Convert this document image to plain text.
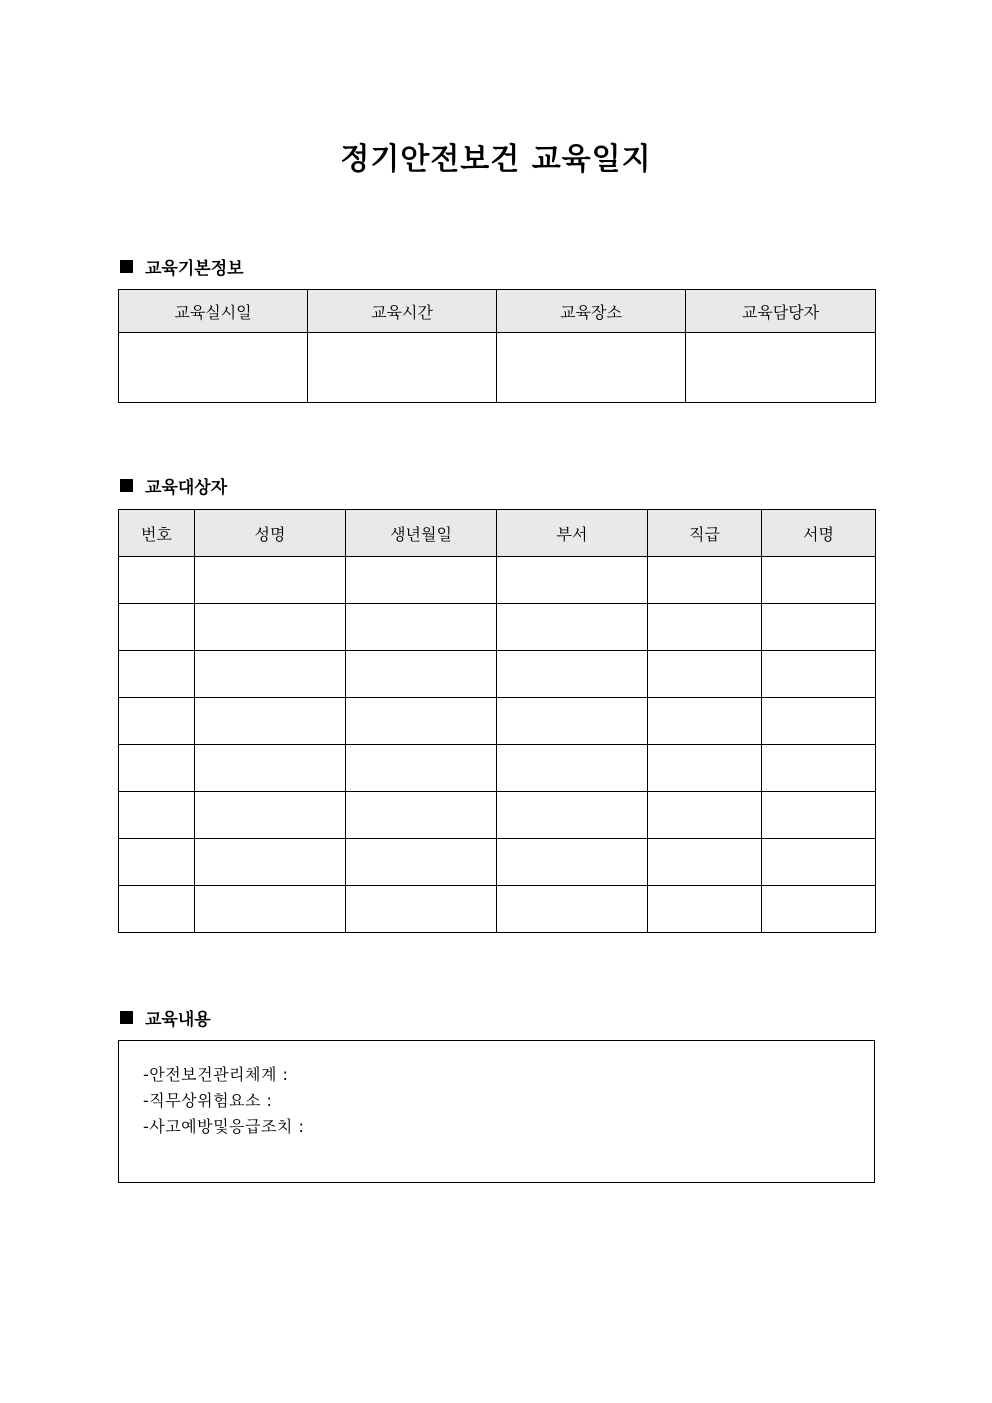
정기안전보건 교육일지
교육기본정보
교육실시일	교육시간	교육장소	교육담당자

교육대상자
번호	성명	생년월일	부서	직급	서명

교육내용
-안전보건관리체계 :
-직무상위험요소 :
-사고예방및응급조치 :
